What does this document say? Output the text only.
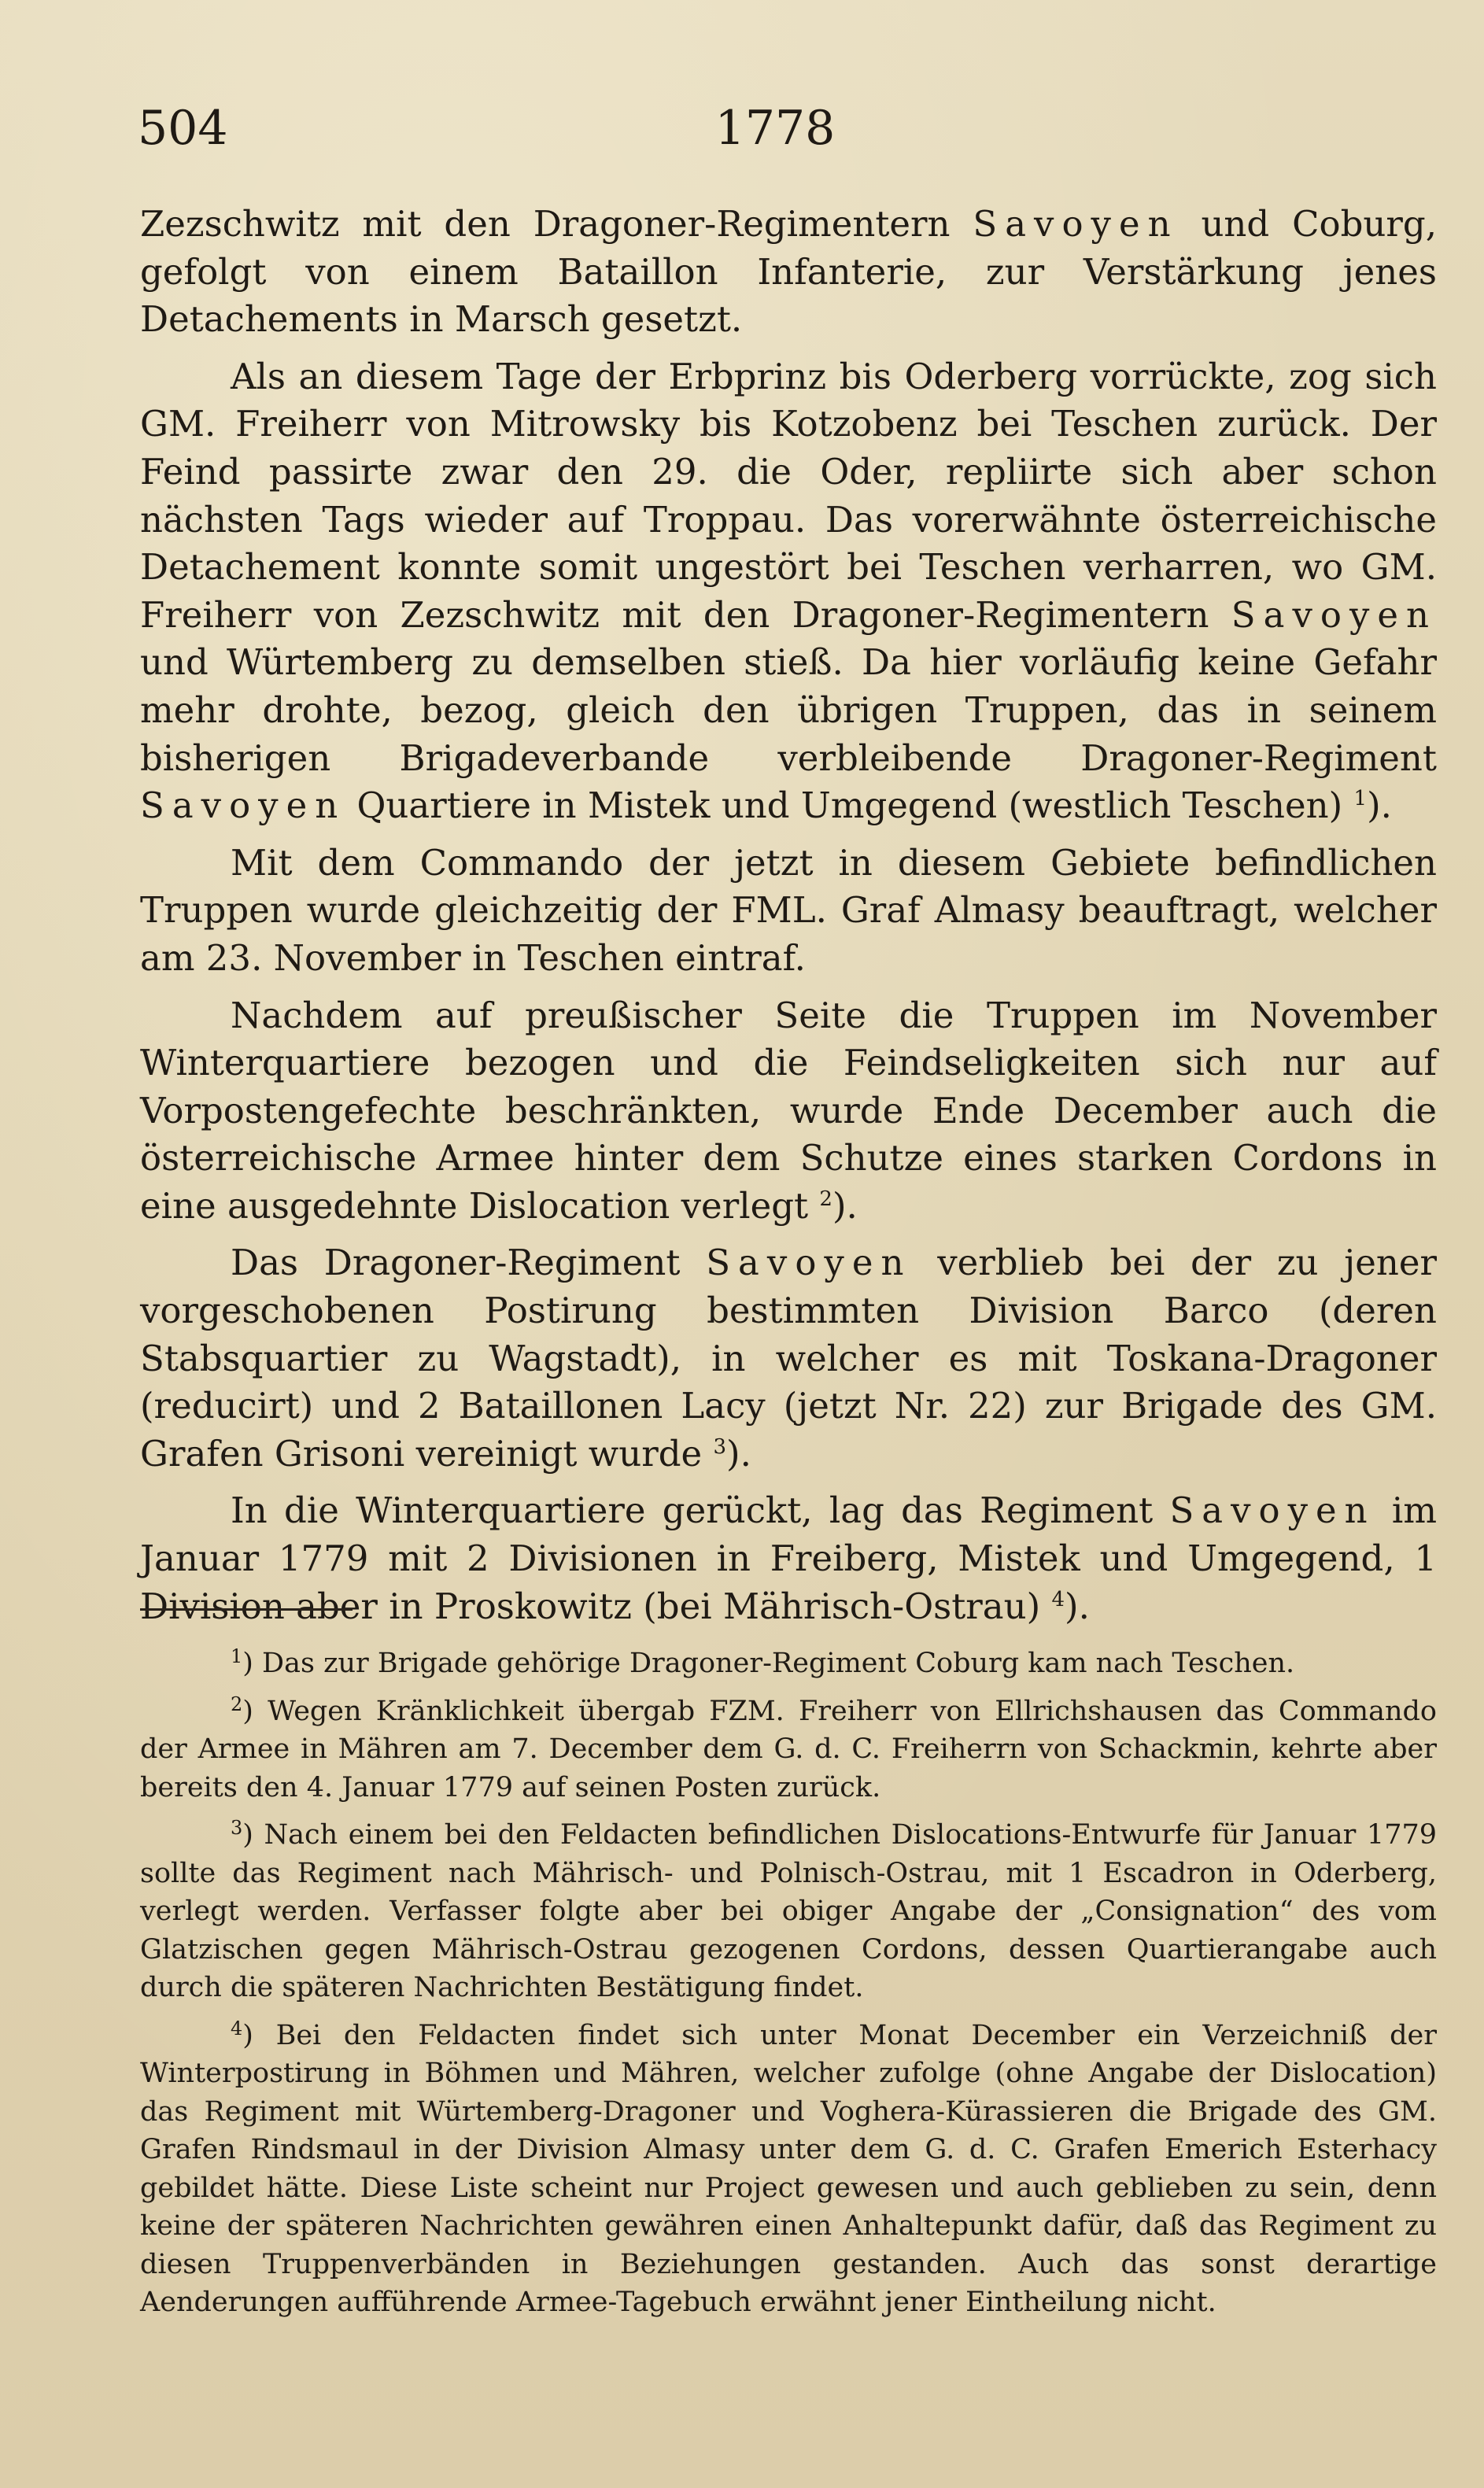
504	1778

Zezschwitz mit den Dragoner-Regimentern Savoyen und Coburg, gefolgt von einem Bataillon Infanterie, zur Verstärkung jenes Detachements in Marsch gesetzt.

Als an diesem Tage der Erbprinz bis Oderberg vorrückte, zog sich GM. Freiherr von Mitrowsky bis Kotzobenz bei Teschen zurück. Der Feind passirte zwar den 29. die Oder, repliirte sich aber schon nächsten Tags wieder auf Troppau. Das vorerwähnte österreichische Detachement konnte somit ungestört bei Teschen verharren, wo GM. Freiherr von Zezschwitz mit den Dragoner-Regimentern Savoyen und Würtemberg zu demselben stieß. Da hier vorläufig keine Gefahr mehr drohte, bezog, gleich den übrigen Truppen, das in seinem bisherigen Brigadeverbande verbleibende Dragoner-Regiment Savoyen Quartiere in Mistek und Umgegend (westlich Teschen) $^1$).

Mit dem Commando der jetzt in diesem Gebiete befindlichen Truppen wurde gleichzeitig der FML. Graf Almasy beauftragt, welcher am 23. November in Teschen eintraf.

Nachdem auf preußischer Seite die Truppen im November Winterquartiere bezogen und die Feindseligkeiten sich nur auf Vorpostengefechte beschränkten, wurde Ende December auch die österreichische Armee hinter dem Schutze eines starken Cordons in eine ausgedehnte Dislocation verlegt $^2$).

Das Dragoner-Regiment Savoyen verblieb bei der zu jener vorgeschobenen Postirung bestimmten Division Barco (deren Stabsquartier zu Wagstadt), in welcher es mit Toskana-Dragoner (reducirt) und 2 Bataillonen Lacy (jetzt Nr. 22) zur Brigade des GM. Grafen Grisoni vereinigt wurde $^3$).

In die Winterquartiere gerückt, lag das Regiment Savoyen im Januar 1779 mit 2 Divisionen in Freiberg, Mistek und Umgegend, 1 Division aber in Proskowitz (bei Mährisch-Ostrau) $^4$).

$^1$) Das zur Brigade gehörige Dragoner-Regiment Coburg kam nach Teschen.

$^2$) Wegen Kränklichkeit übergab FZM. Freiherr von Ellrichshausen das Commando der Armee in Mähren am 7. December dem G. d. C. Freiherrn von Schackmin, kehrte aber bereits den 4. Januar 1779 auf seinen Posten zurück.

$^3$) Nach einem bei den Feldacten befindlichen Dislocations-Entwurfe für Januar 1779 sollte das Regiment nach Mährisch- und Polnisch-Ostrau, mit 1 Escadron in Oderberg, verlegt werden. Verfasser folgte aber bei obiger Angabe der „Consignation“ des vom Glatzischen gegen Mährisch-Ostrau gezogenen Cordons, dessen Quartierangabe auch durch die späteren Nachrichten Bestätigung findet.

$^4$) Bei den Feldacten findet sich unter Monat December ein Verzeichniß der Winterpostirung in Böhmen und Mähren, welcher zufolge (ohne Angabe der Dislocation) das Regiment mit Würtemberg-Dragoner und Voghera-Kürassieren die Brigade des GM. Grafen Rindsmaul in der Division Almasy unter dem G. d. C. Grafen Emerich Esterhacy gebildet hätte. Diese Liste scheint nur Project gewesen und auch geblieben zu sein, denn keine der späteren Nachrichten gewähren einen Anhaltepunkt dafür, daß das Regiment zu diesen Truppenverbänden in Beziehungen gestanden. Auch das sonst derartige Aenderungen aufführende Armee-Tagebuch erwähnt jener Eintheilung nicht.
